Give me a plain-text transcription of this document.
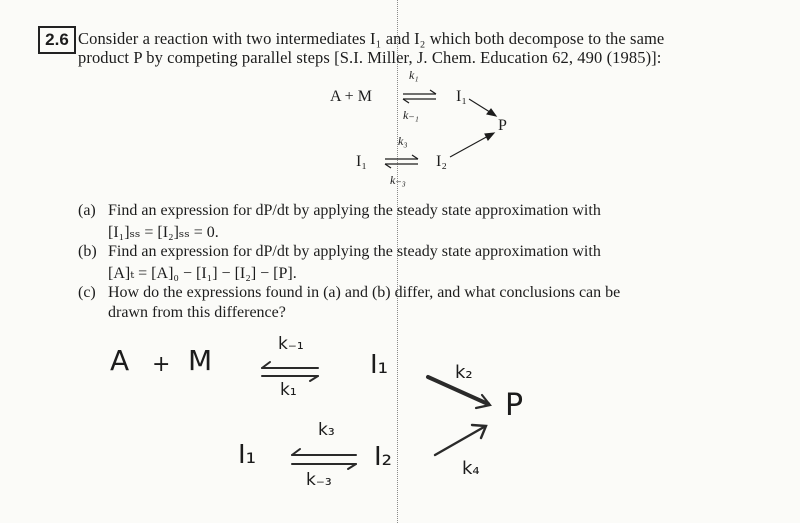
2.6 Consider a reaction with two intermediates I₁ and I₂ which both decompose to the same
product P by competing parallel steps [S.I. Miller, J. Chem. Education 62, 490 (1985)]:
A + M
k₁
k₋₁
I₁
P
I₁
k₃
k₋₃
I₂
(a) Find an expression for dP/dt by applying the steady state approximation with
[I₁]ₛₛ = [I₂]ₛₛ = 0.
(b) Find an expression for dP/dt by applying the steady state approximation with
[A]ₜ = [A]₀ − [I₁] − [I₂] − [P].
(c) How do the expressions found in (a) and (b) differ, and what conclusions can be
drawn from this difference?
A + M	k₋₁
k₁
I₁	k₂
P
I₁
k₃
k₋₃
I₂	k₄
